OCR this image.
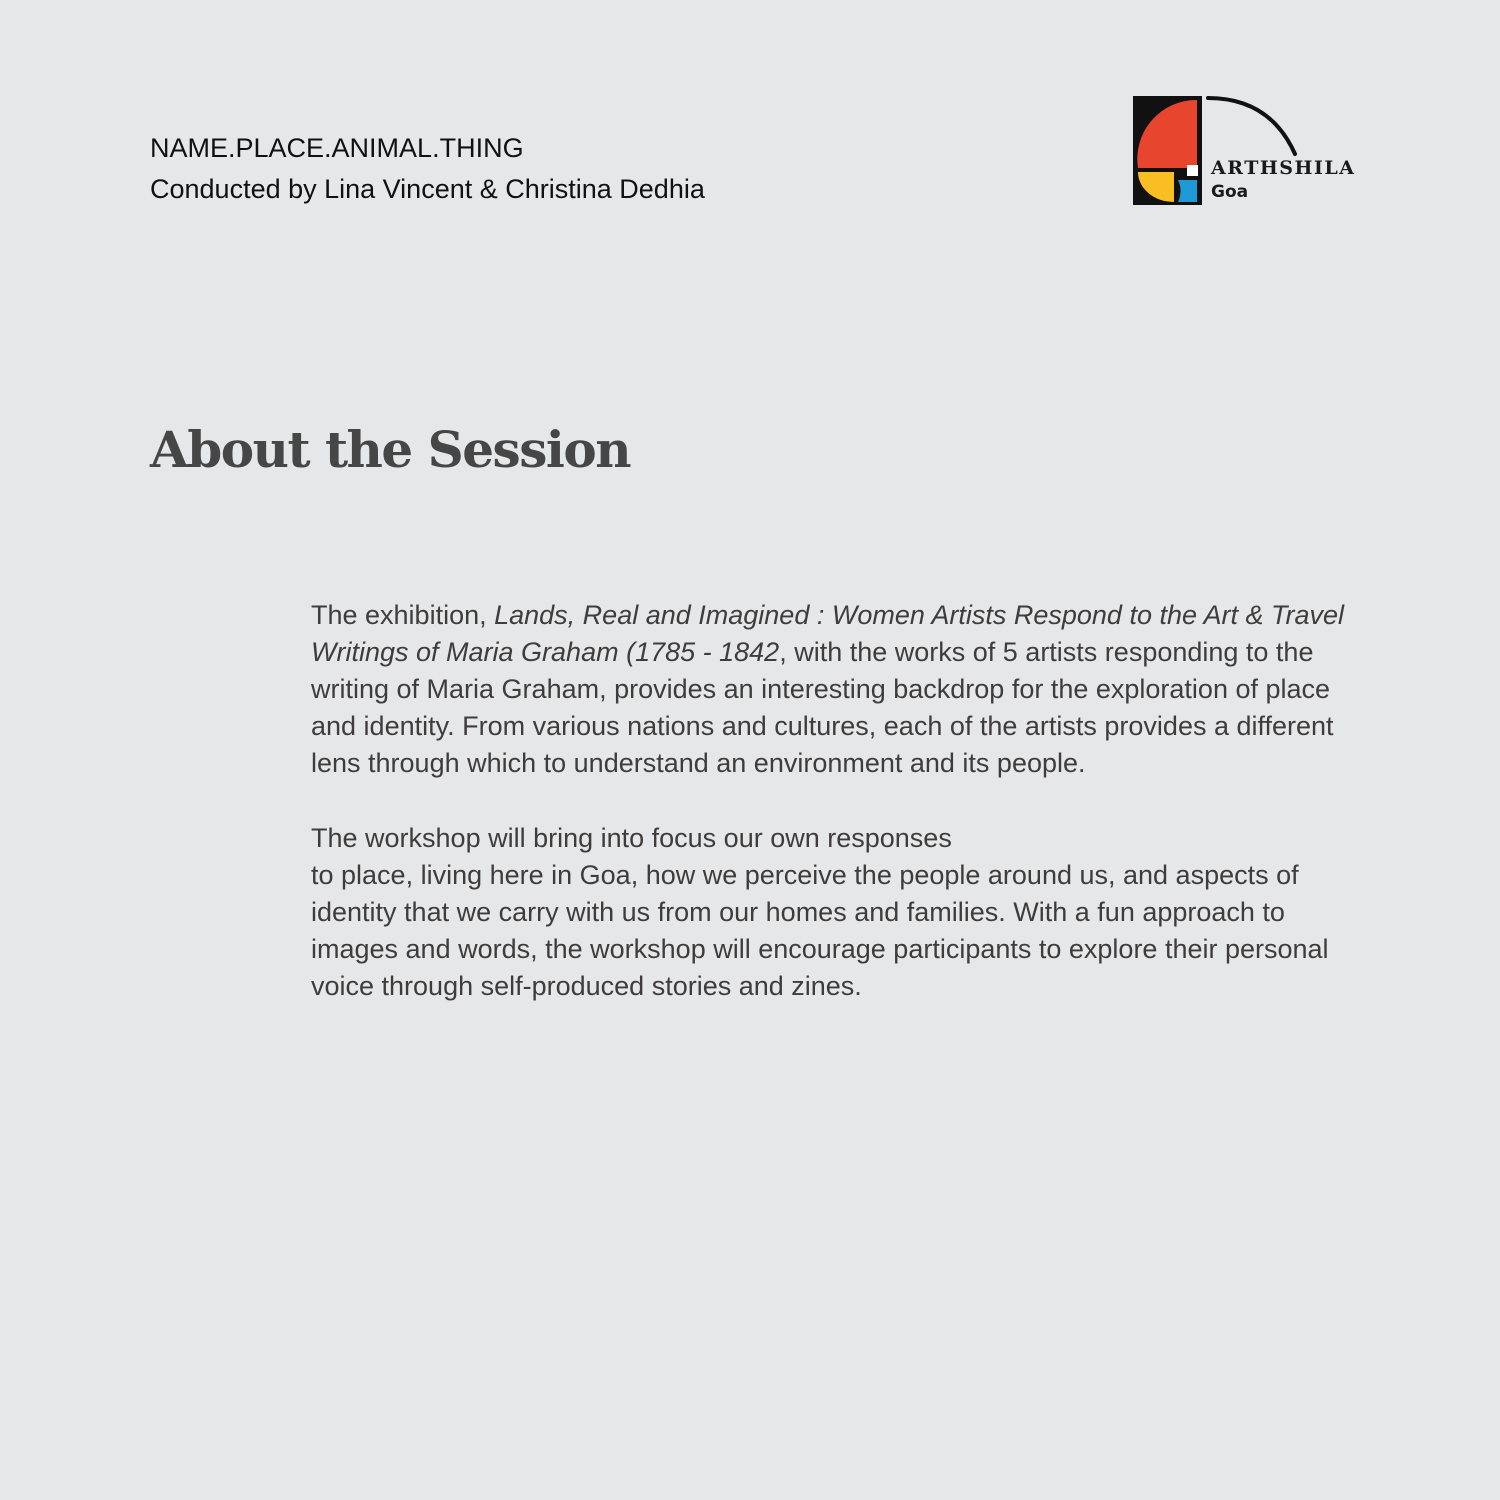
NAME.PLACE.ANIMAL.THING
Conducted by Lina Vincent & Christina Dedhia
ARTHSHILA
Goa
About the Session

The exhibition, Lands, Real and Imagined : Women Artists Respond to the Art & Travel Writings of Maria Graham (1785 - 1842, with the works of 5 artists responding to the writing of Maria Graham, provides an interesting backdrop for the exploration of place and identity. From various nations and cultures, each of the artists provides a different lens through which to understand an environment and its people.

The workshop will bring into focus our own responses
to place, living here in Goa, how we perceive the people around us, and aspects of identity that we carry with us from our homes and families. With a fun approach to images and words, the workshop will encourage participants to explore their personal voice through self-produced stories and zines.
